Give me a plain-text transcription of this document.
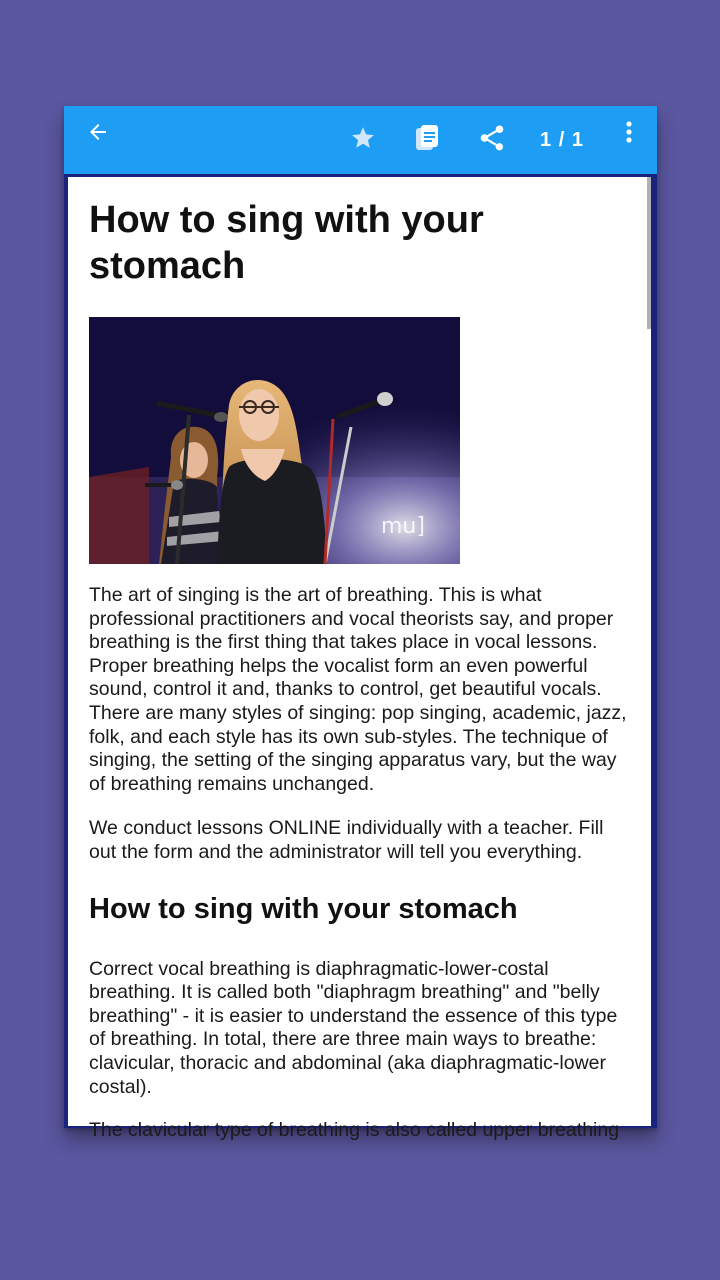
1 / 1
How to sing with your stomach
mu]

The art of singing is the art of breathing. This is what professional practitioners and vocal theorists say, and proper breathing is the first thing that takes place in vocal lessons. Proper breathing helps the vocalist form an even powerful sound, control it and, thanks to control, get beautiful vocals. There are many styles of singing: pop singing, academic, jazz, folk, and each style has its own sub-styles. The technique of singing, the setting of the singing apparatus vary, but the way of breathing remains unchanged.

We conduct lessons ONLINE individually with a teacher. Fill out the form and the administrator will tell you everything.

How to sing with your stomach

Correct vocal breathing is diaphragmatic-lower-costal breathing. It is called both "diaphragm breathing" and "belly breathing" - it is easier to understand the essence of this type of breathing. In total, there are three main ways to breathe: clavicular, thoracic and abdominal (aka diaphragmatic-lower costal).

The clavicular type of breathing is also called upper breathing
